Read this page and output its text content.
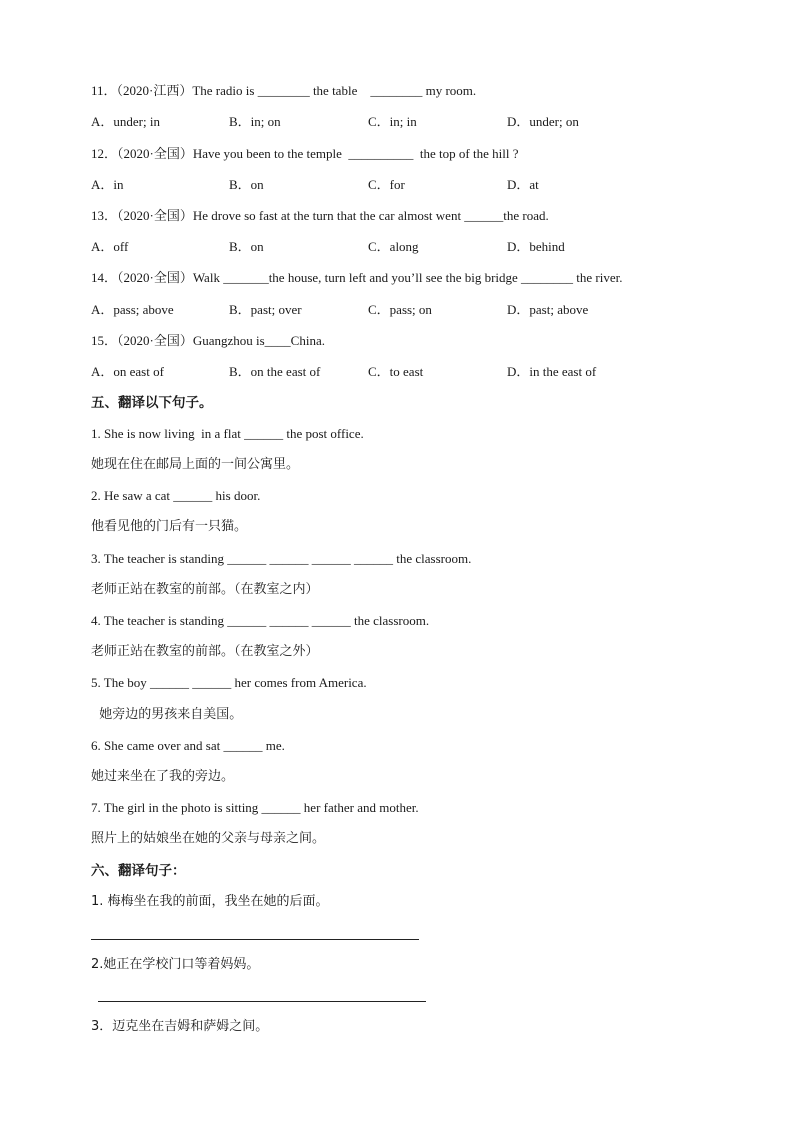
11．（2020·江西）The radio is ________ the table    ________ my room.
A．under; in	B．in; on	C．in; in	D．under; on
12．（2020·全国）Have you been to the temple  __________  the top of the hill ?
A．in	B．on	C．for	D．at
13．（2020·全国）He drove so fast at the turn that the car almost went ______the road.
A．off	B．on	C．along	D．behind
14．（2020·全国）Walk _______the house, turn left and you’ll see the big bridge ________ the river.
A．pass; above	B．past; over	C．pass; on	D．past; above
15．（2020·全国）Guangzhou is____China.
A．on east of	B．on the east of	C．to east	D．in the east of
五、翻译以下句子。
1. She is now living  in a flat ______ the post office.
她现在住在邮局上面的一间公寓里。
2. He saw a cat ______ his door.
他看见他的门后有一只猫。
3. The teacher is standing ______ ______ ______ ______ the classroom.
老师正站在教室的前部。（在教室之内）
4. The teacher is standing ______ ______ ______ the classroom.
老师正站在教室的前部。（在教室之外）
5. The boy ______ ______ her comes from America.
她旁边的男孩来自美国。
6. She came over and sat ______ me.
她过来坐在了我的旁边。
7. The girl in the photo is sitting ______ her father and mother.
照片上的姑娘坐在她的父亲与母亲之间。
六、翻译句子：
1. 梅梅坐在我的前面，我坐在她的后面。
2.她正在学校门口等着妈妈。
3．迈克坐在吉姆和萨姆之间。
